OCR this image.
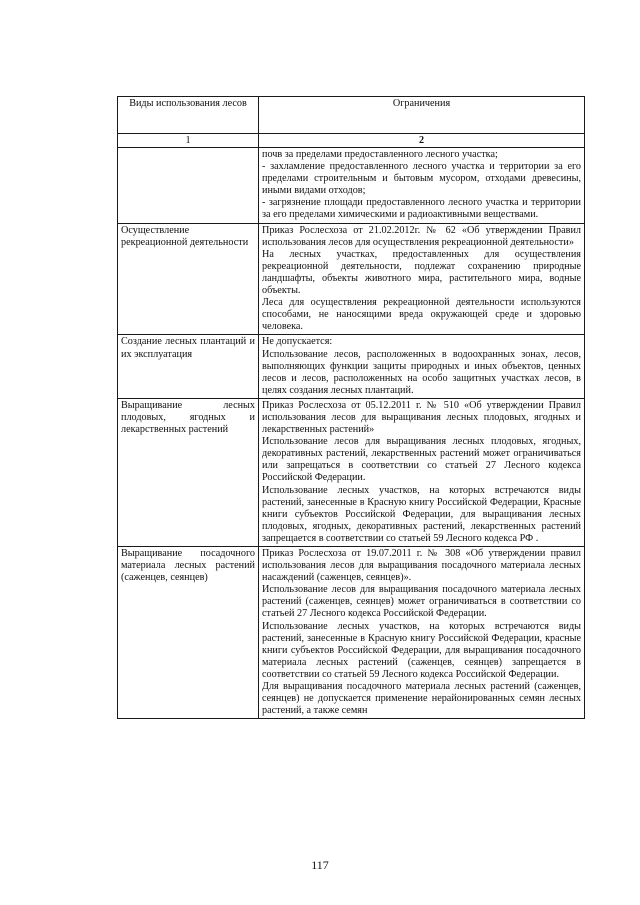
Виды использования лесов	Ограничения
1	2

	почв за пределами предоставленного лесного участка;

- захламление предоставленного лесного участка и территории за его пределами строительным и бытовым мусором, отходами древесины, иными видами отходов;

- загрязнение площади предоставленного лесного участка и территории за его пределами химическими и радиоактивными веществами.

Осуществление рекреационной деятельности	Приказ Рослесхоза от 21.02.2012г. № 62 «Об утверждении Правил использования лесов для осуществления рекреационной деятельности»

На лесных участках, предоставленных для осуществления рекреационной деятельности, подлежат сохранению природные ландшафты, объекты животного мира, растительного мира, водные объекты.

Леса для осуществления рекреационной деятельности используются способами, не наносящими вреда окружающей среде и здоровью человека.

Создание лесных плантаций и их эксплуатация	Не допускается:

Использование лесов, расположенных в водоохранных зонах, лесов, выполняющих функции защиты природных и иных объектов, ценных лесов и лесов, расположенных на особо защитных участках лесов, в целях создания лесных плантаций.

Выращивание лесных плодовых, ягодных и лекарственных растений	Приказ Рослесхоза от 05.12.2011 г. № 510 «Об утверждении Правил использования лесов для выращивания лесных плодовых, ягодных и лекарственных растений»

Использование лесов для выращивания лесных плодовых, ягодных, декоративных растений, лекарственных растений может ограничиваться или запрещаться в соответствии со статьей 27 Лесного кодекса Российской Федерации.

Использование лесных участков, на которых встречаются виды растений, занесенные в Красную книгу Российской Федерации, Красные книги субъектов Российской Федерации, для выращивания лесных плодовых, ягодных, декоративных растений, лекарственных растений запрещается в соответствии со статьей 59 Лесного кодекса РФ .

Выращивание посадочного материала лесных растений (саженцев, сеянцев)	Приказ Рослесхоза от 19.07.2011 г. № 308 «Об утверждении правил использования лесов для выращивания посадочного материала лесных насаждений (саженцев, сеянцев)».

Использование лесов для выращивания посадочного материала лесных растений (саженцев, сеянцев) может ограничиваться в соответствии со статьей 27 Лесного кодекса Российской Федерации.

Использование лесных участков, на которых встречаются виды растений, занесенные в Красную книгу Российской Федерации, красные книги субъектов Российской Федерации, для выращивания посадочного материала лесных растений (саженцев, сеянцев) запрещается в соответствии со статьей 59 Лесного кодекса Российской Федерации.

Для выращивания посадочного материала лесных растений (саженцев, сеянцев) не допускается применение нерайонированных семян лесных растений, а также семян

117
